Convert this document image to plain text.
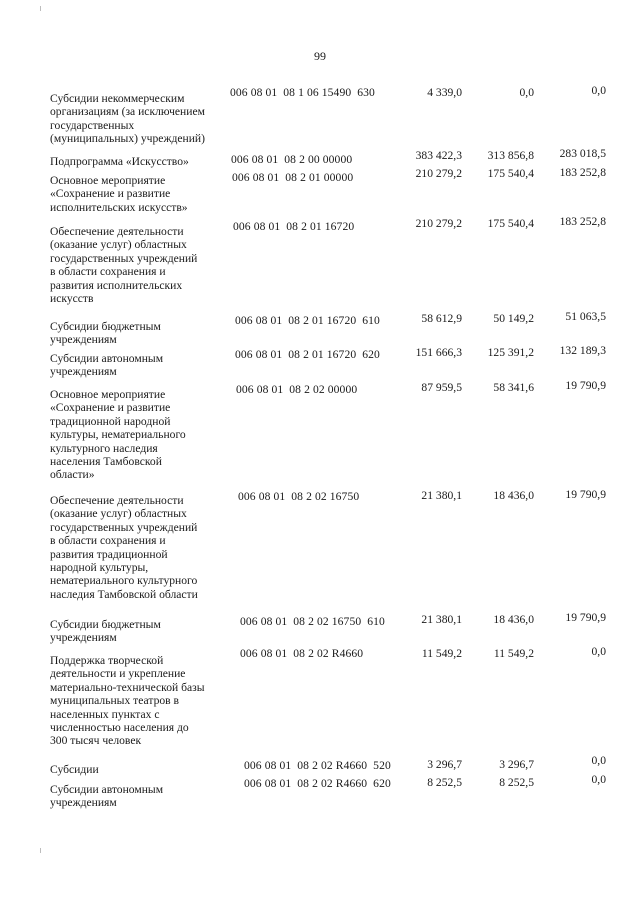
99
Субсидии некоммерческим
организациям (за исключением
государственных
(муниципальных) учреждений)
006 08 01  08 1 06 15490  630	4 339,0	0,0	0,0
Подпрограмма «Искусство»	006 08 01  08 2 00 00000	383 422,3	313 856,8	283 018,5
Основное мероприятие
«Сохранение и развитие
исполнительских искусств»
006 08 01  08 2 01 00000	210 279,2	175 540,4	183 252,8
Обеспечение деятельности
(оказание услуг) областных
государственных учреждений
в области сохранения и
развития исполнительских
искусств
006 08 01  08 2 01 16720	210 279,2	175 540,4	183 252,8
Субсидии бюджетным
учреждениям
006 08 01  08 2 01 16720  610	58 612,9	50 149,2	51 063,5
Субсидии автономным
учреждениям
006 08 01  08 2 01 16720  620	151 666,3	125 391,2	132 189,3
Основное мероприятие
«Сохранение и развитие
традиционной народной
культуры, нематериального
культурного наследия
населения Тамбовской
области»
006 08 01  08 2 02 00000	87 959,5	58 341,6	19 790,9
Обеспечение деятельности
(оказание услуг) областных
государственных учреждений
в области сохранения и
развития традиционной
народной культуры,
нематериального культурного
наследия Тамбовской области
006 08 01  08 2 02 16750	21 380,1	18 436,0	19 790,9
Субсидии бюджетным
учреждениям
006 08 01  08 2 02 16750  610	21 380,1	18 436,0	19 790,9
Поддержка творческой
деятельности и укрепление
материально-технической базы
муниципальных театров в
населенных пунктах с
численностью населения до
300 тысяч человек
006 08 01  08 2 02 R4660	11 549,2	11 549,2	0,0
Субсидии	006 08 01  08 2 02 R4660  520	3 296,7	3 296,7	0,0
Субсидии автономным
учреждениям
006 08 01  08 2 02 R4660  620	8 252,5	8 252,5	0,0
